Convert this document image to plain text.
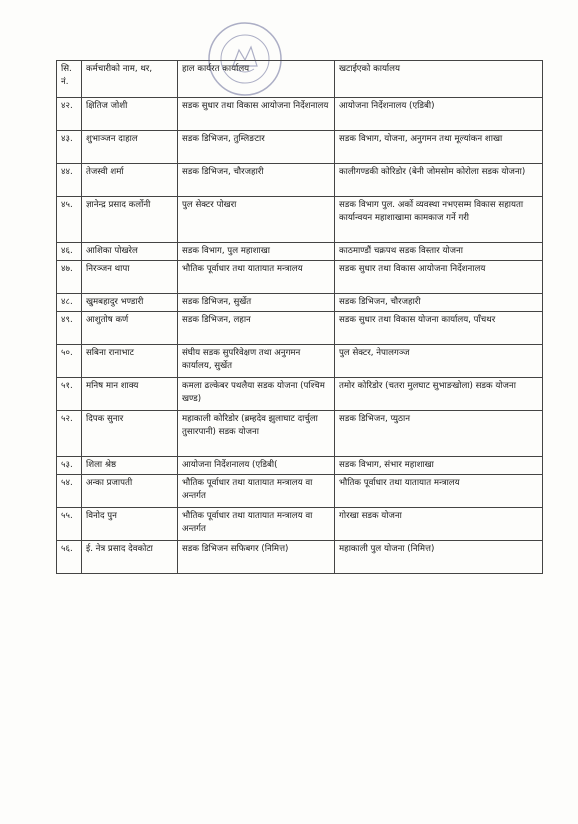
सि. नं.	कर्मचारीको नाम, थर,	हाल कार्यरत कार्यालय	खटाईएको कार्यालय
४२.	क्षितिज जोशी	सडक सुधार तथा विकास आयोजना निर्देशनालय	आयोजना निर्देशनालय (एडिबी)
४३.	शुभाञ्जन दाहाल	सडक डिभिजन, तुम्लिङटार	सडक विभाग, योजना, अनुगमन तथा मूल्यांकन शाखा
४४.	तेजस्वी शर्मा	सडक डिभिजन, चौरजहारी	कालीगण्डकी कोरिडोर (बेनी जोमसोम कोरोला सडक योजना)
४५.	ज्ञानेन्द्र प्रसाद कर्लोनी	पुल सेक्टर पोखरा	सडक विभाग पुल. अर्को व्यवस्था नभएसम्म विकास सहायता कार्यान्वयन महाशाखामा कामकाज गर्ने गरी
४६.	आशिका पोखरेल	सडक विभाग, पुल महाशाखा	काठमाण्डौं चक्रपथ सडक विस्तार योजना
४७.	निरञ्जन थापा	भौतिक पूर्वाधार तथा यातायात मन्त्रालय	सडक सुधार तथा विकास आयोजना निर्देशनालय
४८.	खुमबहादुर भण्डारी	सडक डिभिजन, सुर्खेत	सडक डिभिजन, चौरजहारी
४९.	आशुतोष कर्ण	सडक डिभिजन, लहान	सडक सुधार तथा विकास योजना कार्यालय, पाँचथर
५०.	सबिना रानाभाट	संघीय सडक सुपरिवेक्षण तथा अनुगमन कार्यालय, सुर्खेत	पुल सेक्टर, नेपालगञ्ज
५१.	मनिष मान शाक्य	कमला ढल्केबर पथलैया सडक योजना (पश्चिम खण्ड)	तमोर कोरिडोर (चतरा मुलघाट सुभाङखोला) सडक योजना
५२.	दिपक सुनार	महाकाली कोरिडोर (ब्रम्हदेव झुलाघाट दार्चुला तुसारपानी) सडक योजना	सडक डिभिजन, प्युठान
५३.	शिला श्रेष्ठ	आयोजना निर्देशनालय (एडिबी(	सडक विभाग, संभार महाशाखा
५४.	अन्का प्रजापती	भौतिक पूर्वाधार तथा यातायात मन्त्रालय वा अन्तर्गत	भौतिक पूर्वाधार तथा यातायात मन्त्रालय
५५.	विनोद पुन	भौतिक पूर्वाधार तथा यातायात मन्त्रालय वा अन्तर्गत	गोरखा सडक योजना
५६.	ई. नेत्र प्रसाद देवकोटा	सडक डिभिजन सफिबगर (निमित्त)	महाकाली पुल योजना (निमित्त)
